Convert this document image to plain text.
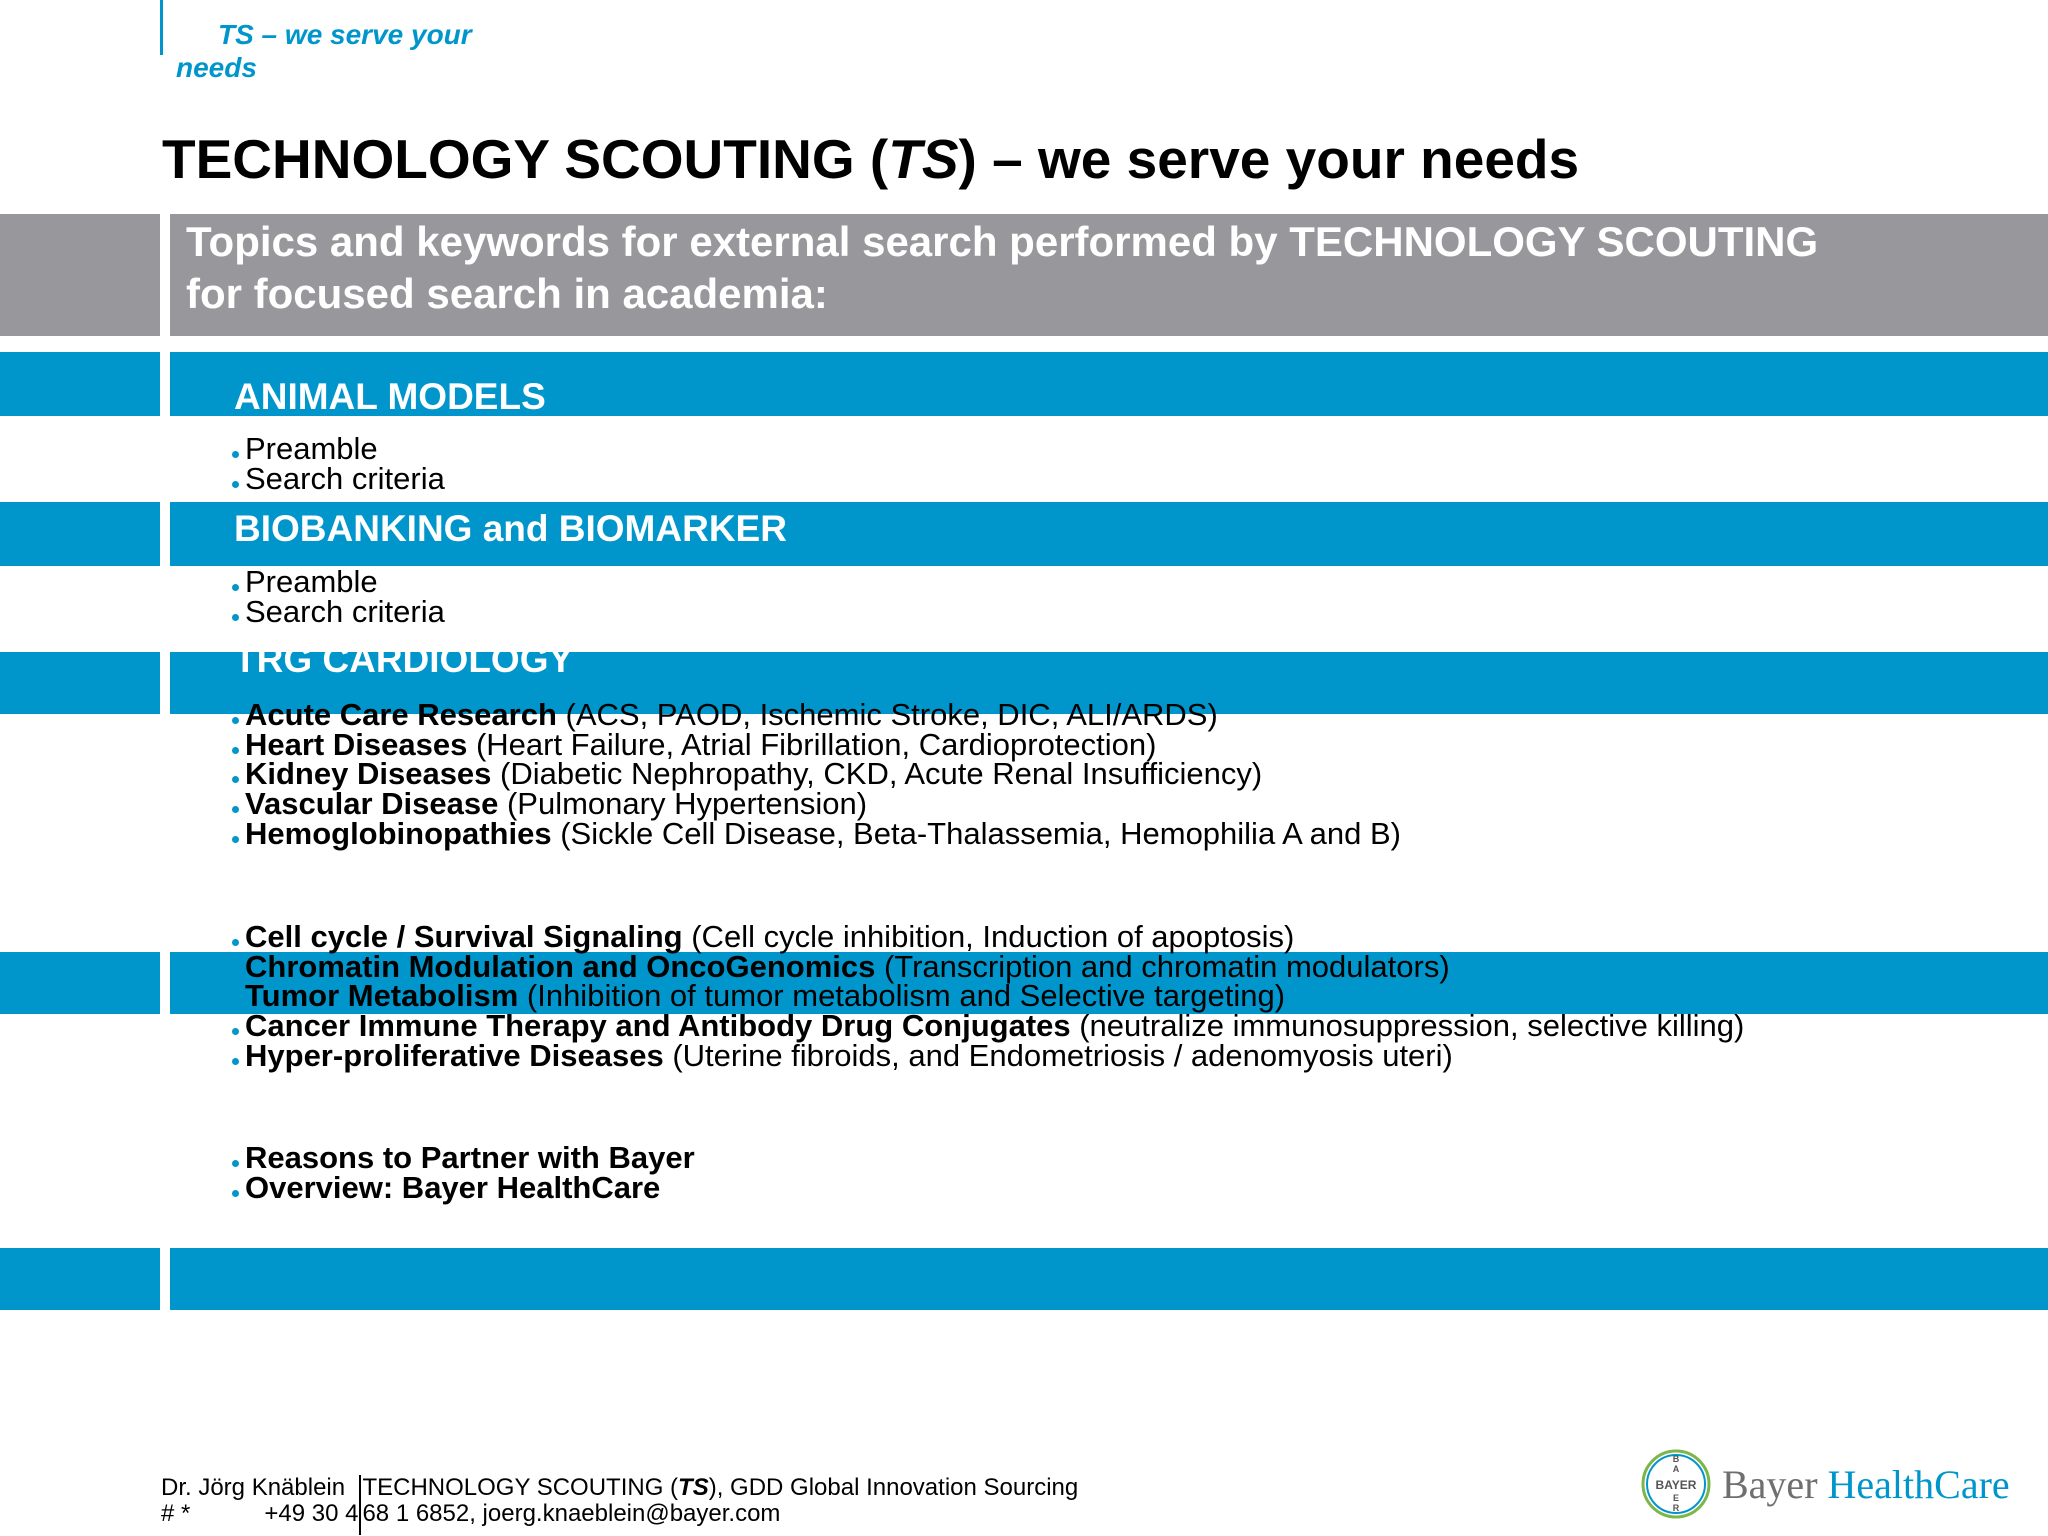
TS – we serve your
needs
TECHNOLOGY SCOUTING (TS) – we serve your needs
Topics and keywords for external search performed by TECHNOLOGY SCOUTING
for focused search in academia:
ANIMAL MODELS
BIOBANKING and BIOMARKER
TRG CARDIOLOGY
Preamble
Search criteria
Preamble
Search criteria
Acute Care Research (ACS, PAOD, Ischemic Stroke, DIC, ALI/ARDS)
Heart Diseases (Heart Failure, Atrial Fibrillation, Cardioprotection)
Kidney Diseases (Diabetic Nephropathy, CKD, Acute Renal Insufficiency)
Vascular Disease (Pulmonary Hypertension)
Hemoglobinopathies (Sickle Cell Disease, Beta-Thalassemia, Hemophilia A and B)
Cell cycle / Survival Signaling (Cell cycle inhibition, Induction of apoptosis)
Chromatin Modulation and OncoGenomics (Transcription and chromatin modulators)
Tumor Metabolism (Inhibition of tumor metabolism and Selective targeting)
Cancer Immune Therapy and Antibody Drug Conjugates (neutralize immunosuppression, selective killing)
Hyper-proliferative Diseases (Uterine fibroids, and Endometriosis / adenomyosis uteri)
Reasons to Partner with Bayer
Overview: Bayer HealthCare
Dr. Jörg Knäblein
# *	+49 30 4
TECHNOLOGY SCOUTING (TS), GDD Global Innovation Sourcing
68 1 6852, joerg.knaeblein@bayer.com
BAYER
B
A
E
R
Bayer HealthCare
